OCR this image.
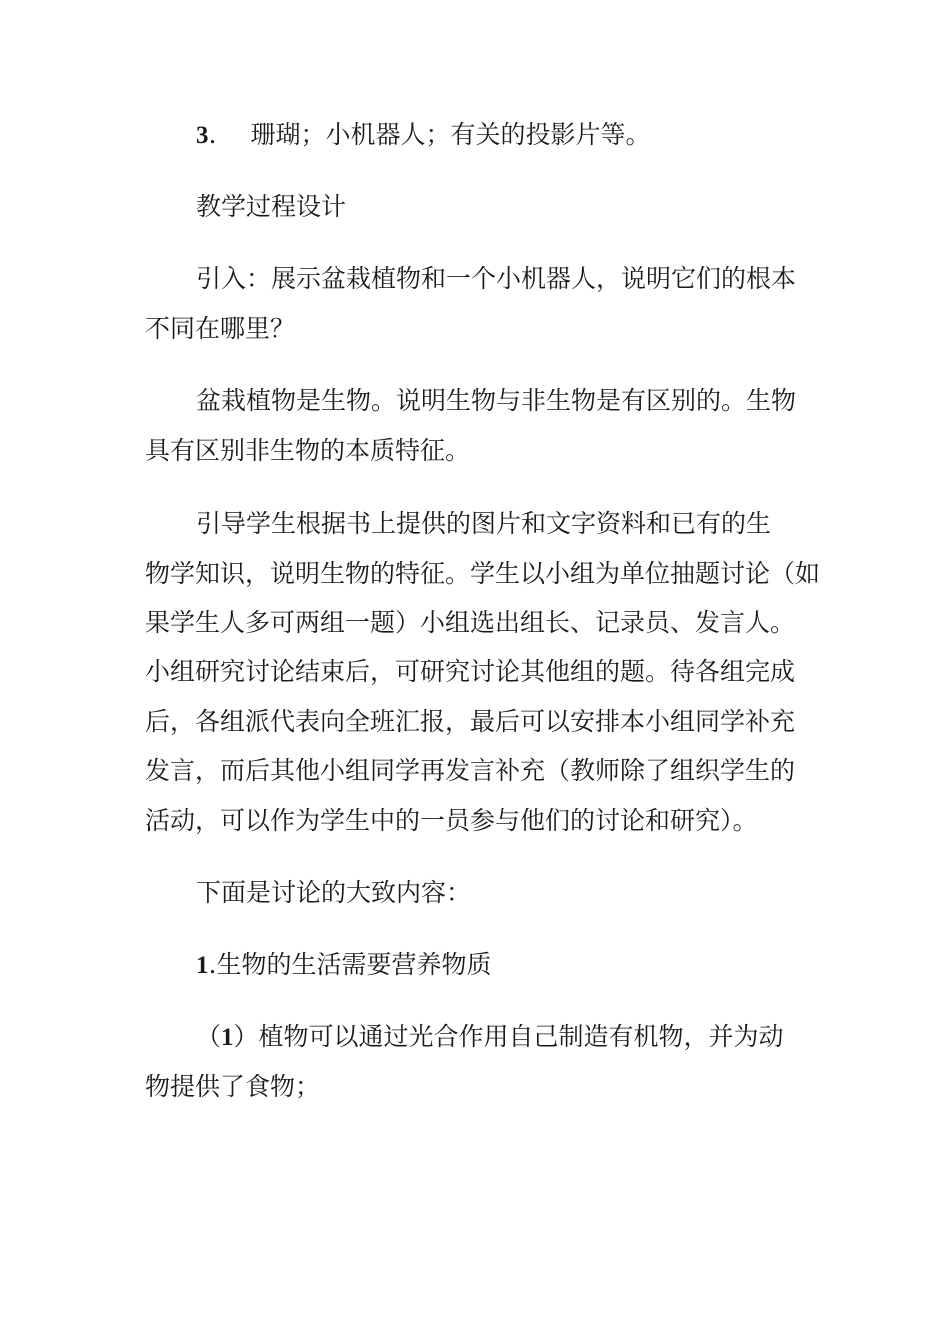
3. 珊瑚；小机器人；有关的投影片等。
教学过程设计
引入：展示盆栽植物和一个小机器人，说明它们的根本
不同在哪里？
盆栽植物是生物。说明生物与非生物是有区别的。生物
具有区别非生物的本质特征。
引导学生根据书上提供的图片和文字资料和已有的生
物学知识，说明生物的特征。学生以小组为单位抽题讨论（如
果学生人多可两组一题）小组选出组长、记录员、发言人。
小组研究讨论结束后，可研究讨论其他组的题。待各组完成
后，各组派代表向全班汇报，最后可以安排本小组同学补充
发言，而后其他小组同学再发言补充（教师除了组织学生的
活动，可以作为学生中的一员参与他们的讨论和研究）。
下面是讨论的大致内容：
1.生物的生活需要营养物质
（1）植物可以通过光合作用自己制造有机物，并为动
物提供了食物；
